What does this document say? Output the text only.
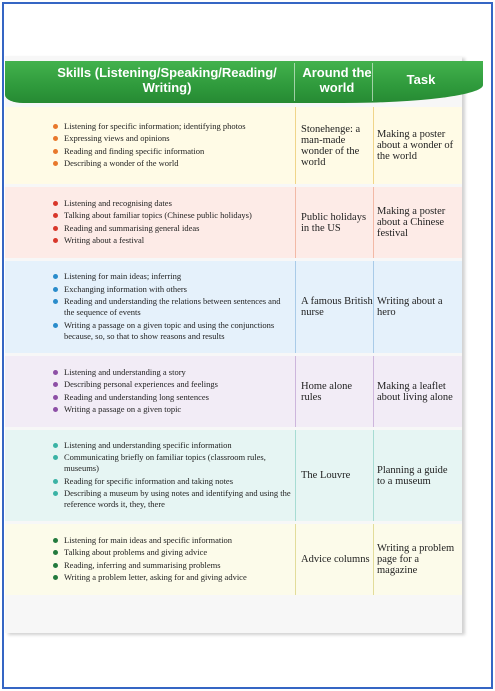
Skills (Listening/Speaking/Reading/ Writing)
Around the world
Task
Listening for specific information; identifying photos
Expressing views and opinions
Reading and finding specific information
Describing a wonder of the world
Stonehenge: a man-made wonder of the world
Making a poster about a wonder of the world
Listening and recognising dates
Talking about familiar topics (Chinese public holidays)
Reading and summarising general ideas
Writing about a festival
Public holidays in the US
Making a poster about a Chinese festival
Listening for main ideas; inferring
Exchanging information with others
Reading and understanding the relations between sentences and the sequence of events
Writing a passage on a given topic and using the conjunctions because, so, so that to show reasons and results
A famous British nurse
Writing about a hero
Listening and understanding a story
Describing personal experiences and feelings
Reading and understanding long sentences
Writing a passage on a given topic
Home alone rules
Making a leaflet about living alone
Listening and understanding specific information
Communicating briefly on familiar topics (classroom rules, museums)
Reading for specific information and taking notes
Describing a museum by using notes and identifying and using the reference words it, they, there
The Louvre	Planning a guide to a museum
Listening for main ideas and specific information
Talking about problems and giving advice
Reading, inferring and summarising problems
Writing a problem letter, asking for and giving advice
Advice columns
Writing a problem page for a magazine
